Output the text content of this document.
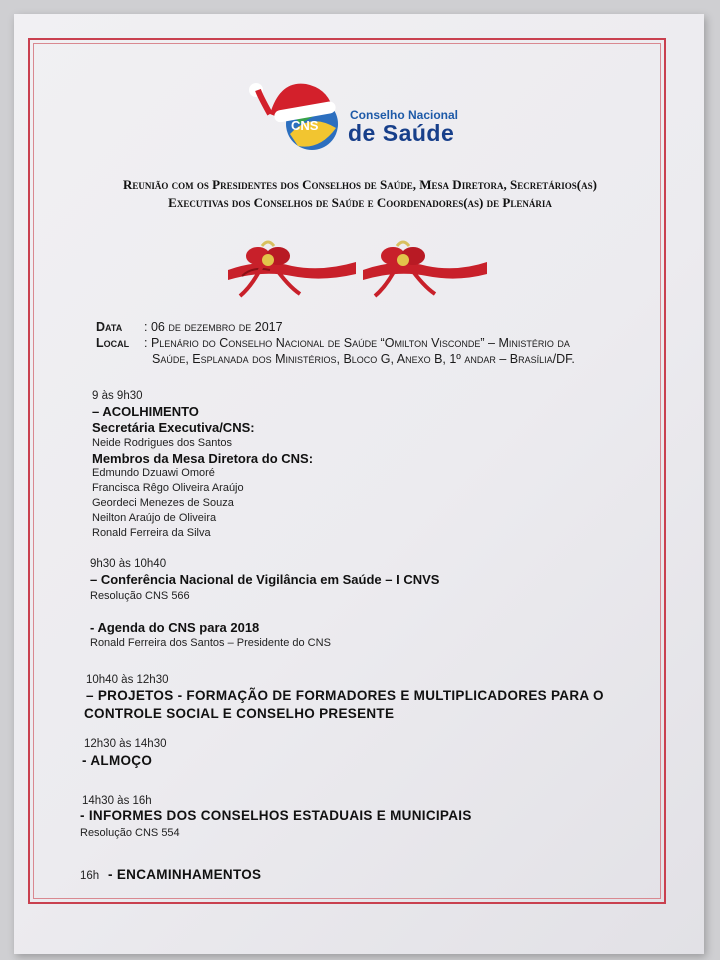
CNS
Conselho Nacional
de Saúde
Reunião com os Presidentes dos Conselhos de Saúde, Mesa Diretora, Secretários(as) Executivas dos Conselhos de Saúde e Coordenadores(as) de Plenária
Data : 06 de dezembro de 2017
Local : Plenário do Conselho Nacional de Saúde “Omilton Visconde” – Ministério da
Saúde, Esplanada dos Ministérios, Bloco G, Anexo B, 1º andar – Brasília/DF.
9 às 9h30
– ACOLHIMENTO
Secretária Executiva/CNS:
Neide Rodrigues dos Santos
Membros da Mesa Diretora do CNS:
Edmundo Dzuawi Omoré
Francisca Rêgo Oliveira Araújo
Geordeci Menezes de Souza
Neilton Araújo de Oliveira
Ronald Ferreira da Silva
9h30 às 10h40
– Conferência Nacional de Vigilância em Saúde – I CNVS
Resolução CNS 566
- Agenda do CNS para 2018
Ronald Ferreira dos Santos – Presidente do CNS
10h40 às 12h30
– PROJETOS - FORMAÇÃO DE FORMADORES E MULTIPLICADORES PARA O
CONTROLE SOCIAL E CONSELHO PRESENTE
12h30 às 14h30
- ALMOÇO
14h30 às 16h
- INFORMES DOS CONSELHOS ESTADUAIS E MUNICIPAIS
Resolução CNS 554
16h - ENCAMINHAMENTOS
